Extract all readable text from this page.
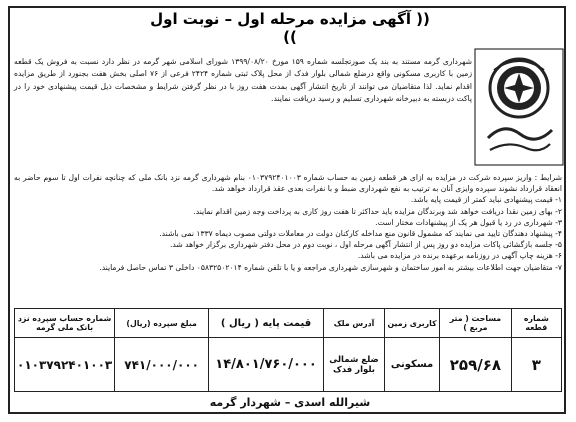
(( آگهی مزایده مرحله اول – نوبت اول ))
شهرداری گرمه مستند به بند یک صورتجلسه شماره ۱۵۹ مورخ ۱۳۹۹/۰۸/۲۰ شورای اسلامی شهر گرمه در نظر دارد نسبت به فروش یک قطعه زمین با کاربری مسکونی واقع درضلع شمالی بلوار فدک از محل پلاک ثبتی شماره ۲۴۲۴ فرعی از ۷۶ اصلی بخش هفت بجنورد از طریق مزایده اقدام نماید. لذا متقاضیان می توانند از تاریخ انتشار آگهی بمدت هفت روز با در نظر گرفتن شرایط و مشخصات ذیل قیمت پیشنهادی خود را در پاکت دربسته به دبیرخانه شهرداری تسلیم و رسید دریافت نمایند.
شرایط : واریز سپرده شرکت در مزایده به ازای هر قطعه زمین به حساب شماره ۰۱۰۳۷۹۲۴۰۱۰۰۳ بنام شهرداری گرمه نزد بانک ملی که چنانچه نفرات اول تا سوم حاضر به انعقاد قرارداد نشوند سپرده وایزی آنان به ترتیب به نفع شهرداری ضبط و با نفرات بعدی عقد قرارداد خواهد شد.
۱- قیمت پیشنهادی نباید کمتر از قیمت پایه باشد.
۲- بهای زمین نقدا دریافت خواهد شد وبرندگان مزایده باید حداکثر تا هفت روز کاری به پرداخت وجه زمین اقدام نمایند.
۳- شهرداری در رد یا قبول هر یک از پیشنهادات مختار است.
۴- پیشنهاد دهندگان تایید می نمایند که مشمول قانون منع مداخله کارکنان دولت در معاملات دولتی مصوب دیماه ۱۳۳۷ نمی باشند.
۵- جلسه بازگشائی پاکات مزایده دو روز پس از انتشار آگهی مرحله اول ، نوبت دوم در محل دفتر شهرداری برگزار خواهد شد.
۶- هزینه چاپ آگهی در روزنامه برعهده برنده در مزایده می باشد.
۷- متقاضیان جهت اطلاعات بیشتر به امور ساختمان و شهرسازی شهرداری مراجعه و یا با تلفن شماره ۰۵۸۳۲۵۰۲۰۱۴ داخلی ۳ تماس حاصل فرمایند.
شماره قطعه	مساحت ( متر مربع )	کاربری زمین	آدرس ملک	قیمت پایه ( ریال )	مبلغ سپرده (ریال)	شماره حساب سپرده نزد بانک ملی گرمه
۳	۲۵۹/۶۸	مسکونی	ضلع شمالی بلوار فدک	۱۴/۸۰۱/۷۶۰/۰۰۰	۷۴۱/۰۰۰/۰۰۰	۰۱۰۳۷۹۲۴۰۱۰۰۳
شیرالله اسدی – شهردار گرمه
